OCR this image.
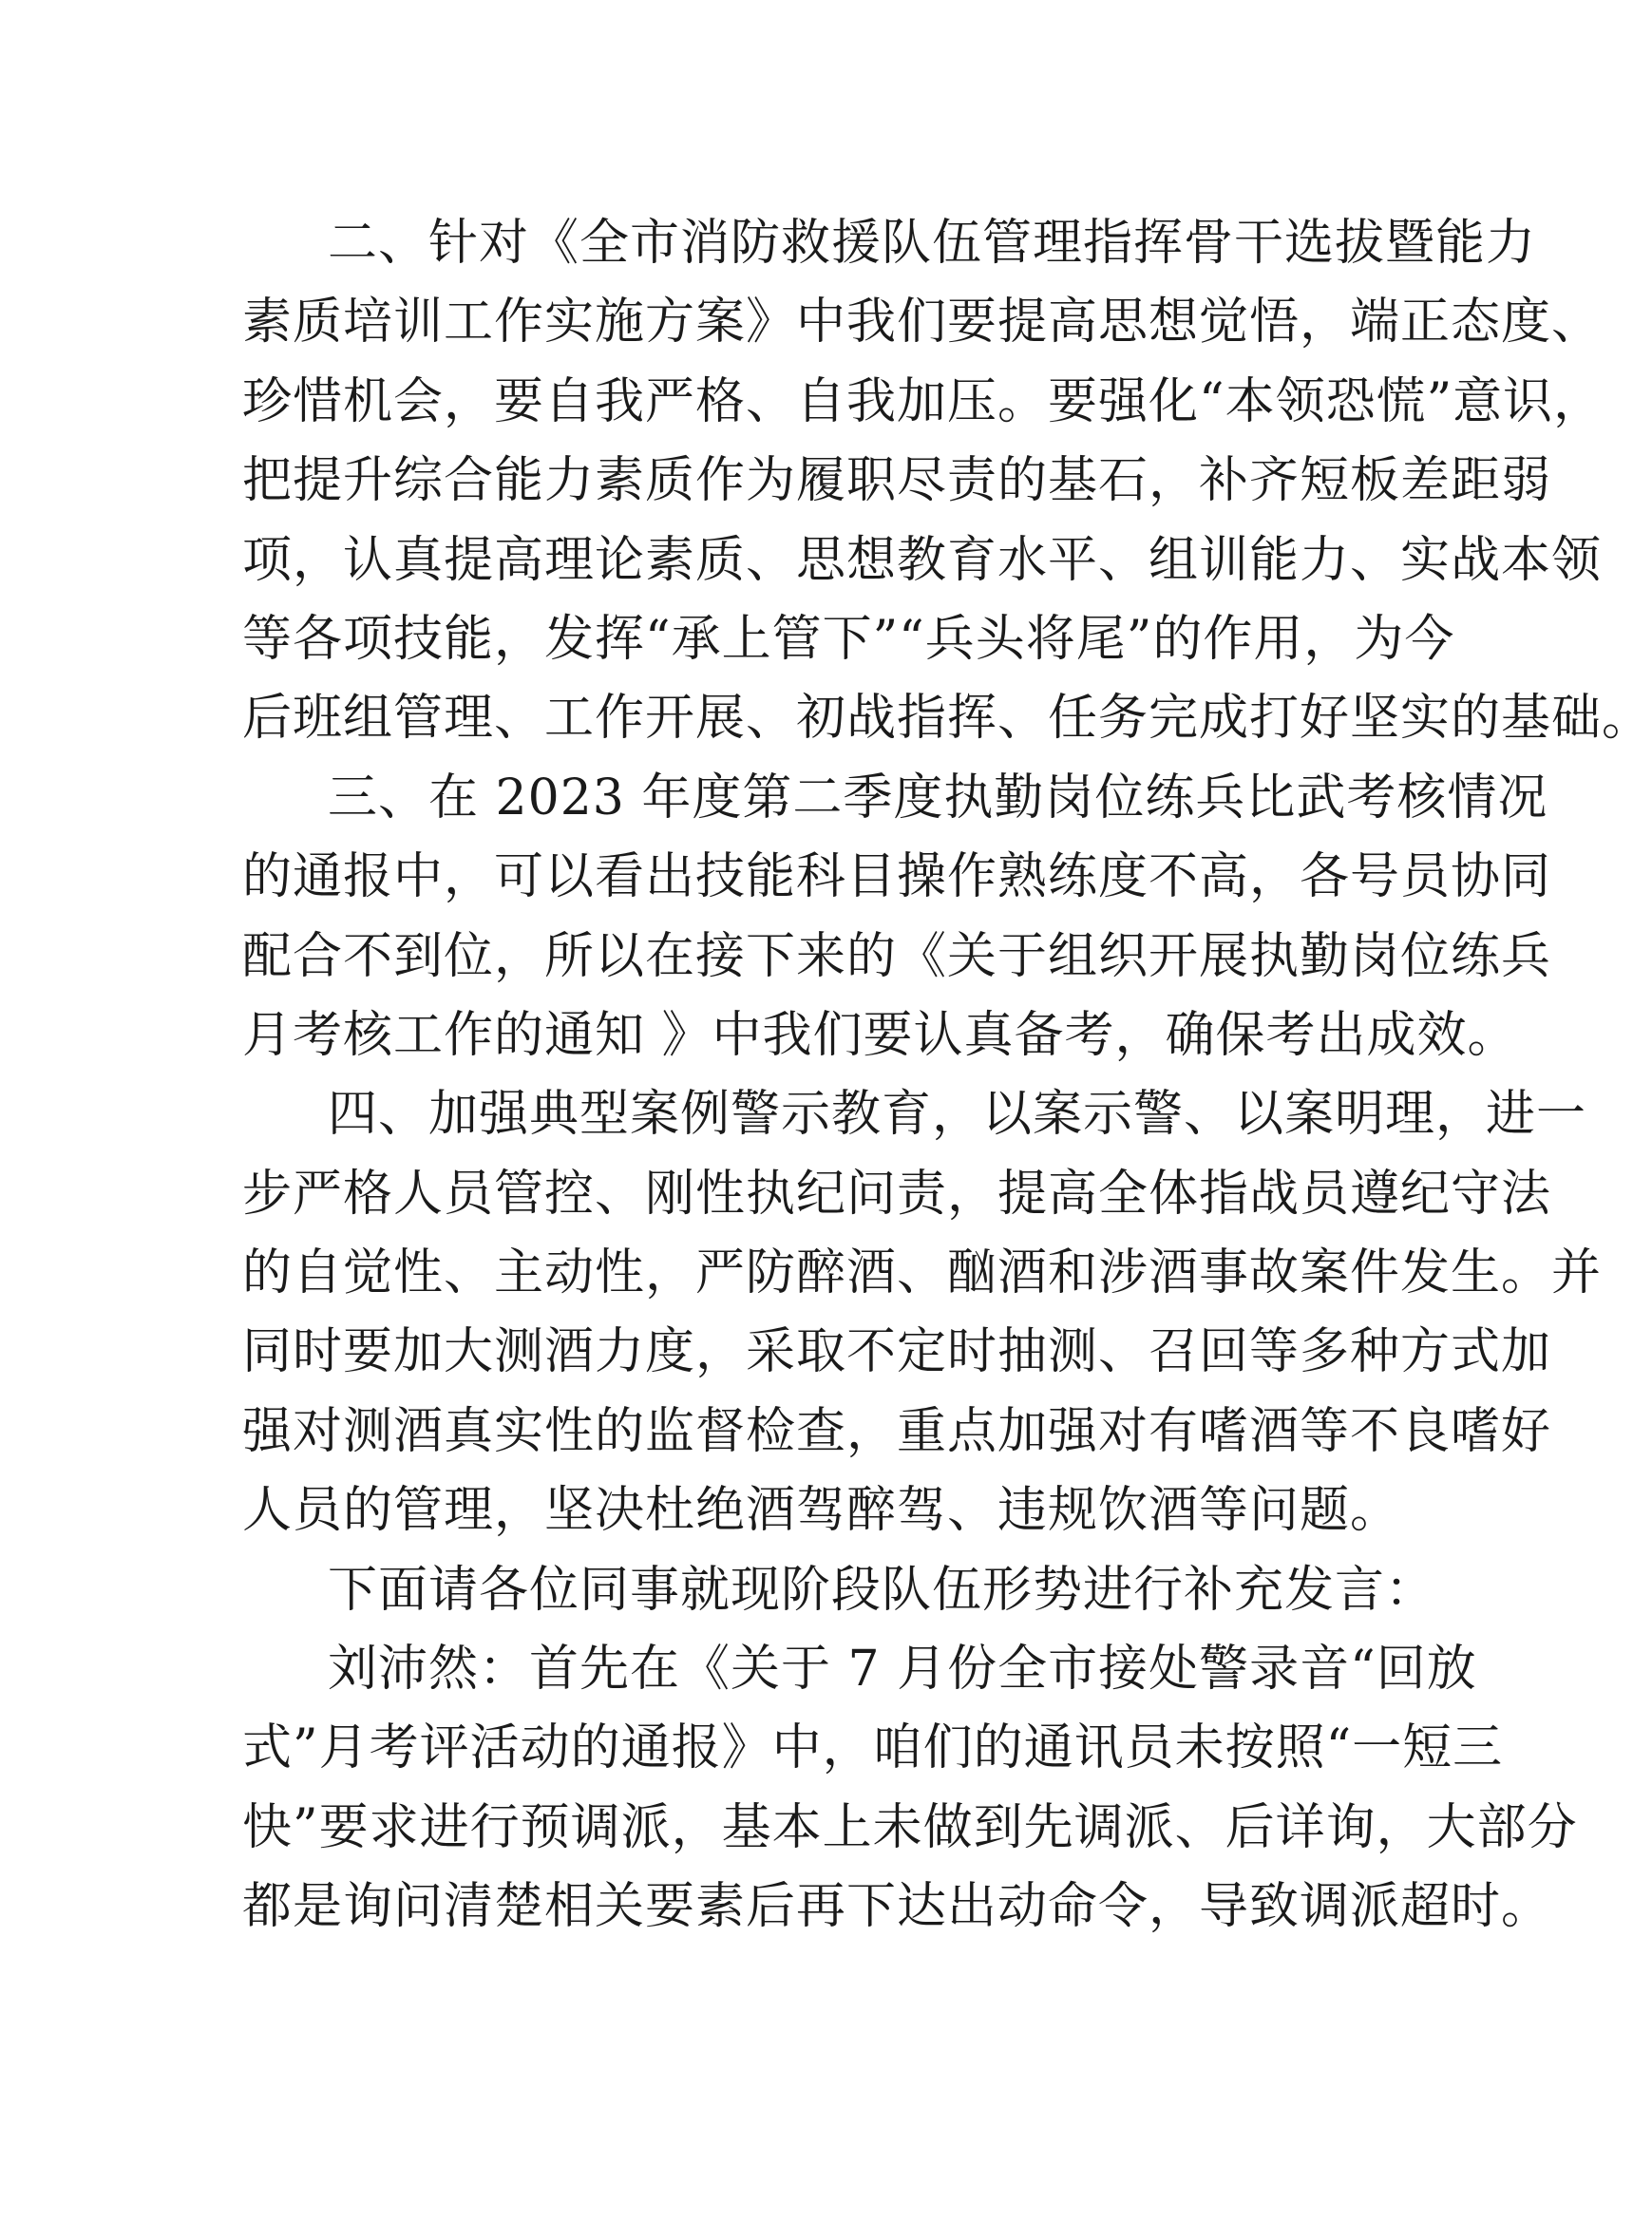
二、针对《全市消防救援队伍管理指挥骨干选拔暨能力
素质培训工作实施方案》中我们要提高思想觉悟，端正态度、
珍惜机会，要自我严格、自我加压。要强化“本领恐慌”意识，
把提升综合能力素质作为履职尽责的基石，补齐短板差距弱
项，认真提高理论素质、思想教育水平、组训能力、实战本领
等各项技能，发挥“承上管下”“兵头将尾”的作用，为今
后班组管理、工作开展、初战指挥、任务完成打好坚实的基础。
三、在 2023 年度第二季度执勤岗位练兵比武考核情况
的通报中，可以看出技能科目操作熟练度不高，各号员协同
配合不到位，所以在接下来的《关于组织开展执勤岗位练兵
月考核工作的通知 》中我们要认真备考，确保考出成效。
四、加强典型案例警示教育，以案示警、以案明理，进一
步严格人员管控、刚性执纪问责，提高全体指战员遵纪守法
的自觉性、主动性，严防醉酒、酗酒和涉酒事故案件发生。并
同时要加大测酒力度，采取不定时抽测、召回等多种方式加
强对测酒真实性的监督检查，重点加强对有嗜酒等不良嗜好
人员的管理，坚决杜绝酒驾醉驾、违规饮酒等问题。
下面请各位同事就现阶段队伍形势进行补充发言：
刘沛然：首先在《关于 7 月份全市接处警录音“回放
式”月考评活动的通报》中，咱们的通讯员未按照“一短三
快”要求进行预调派，基本上未做到先调派、后详询，大部分
都是询问清楚相关要素后再下达出动命令，导致调派超时。
